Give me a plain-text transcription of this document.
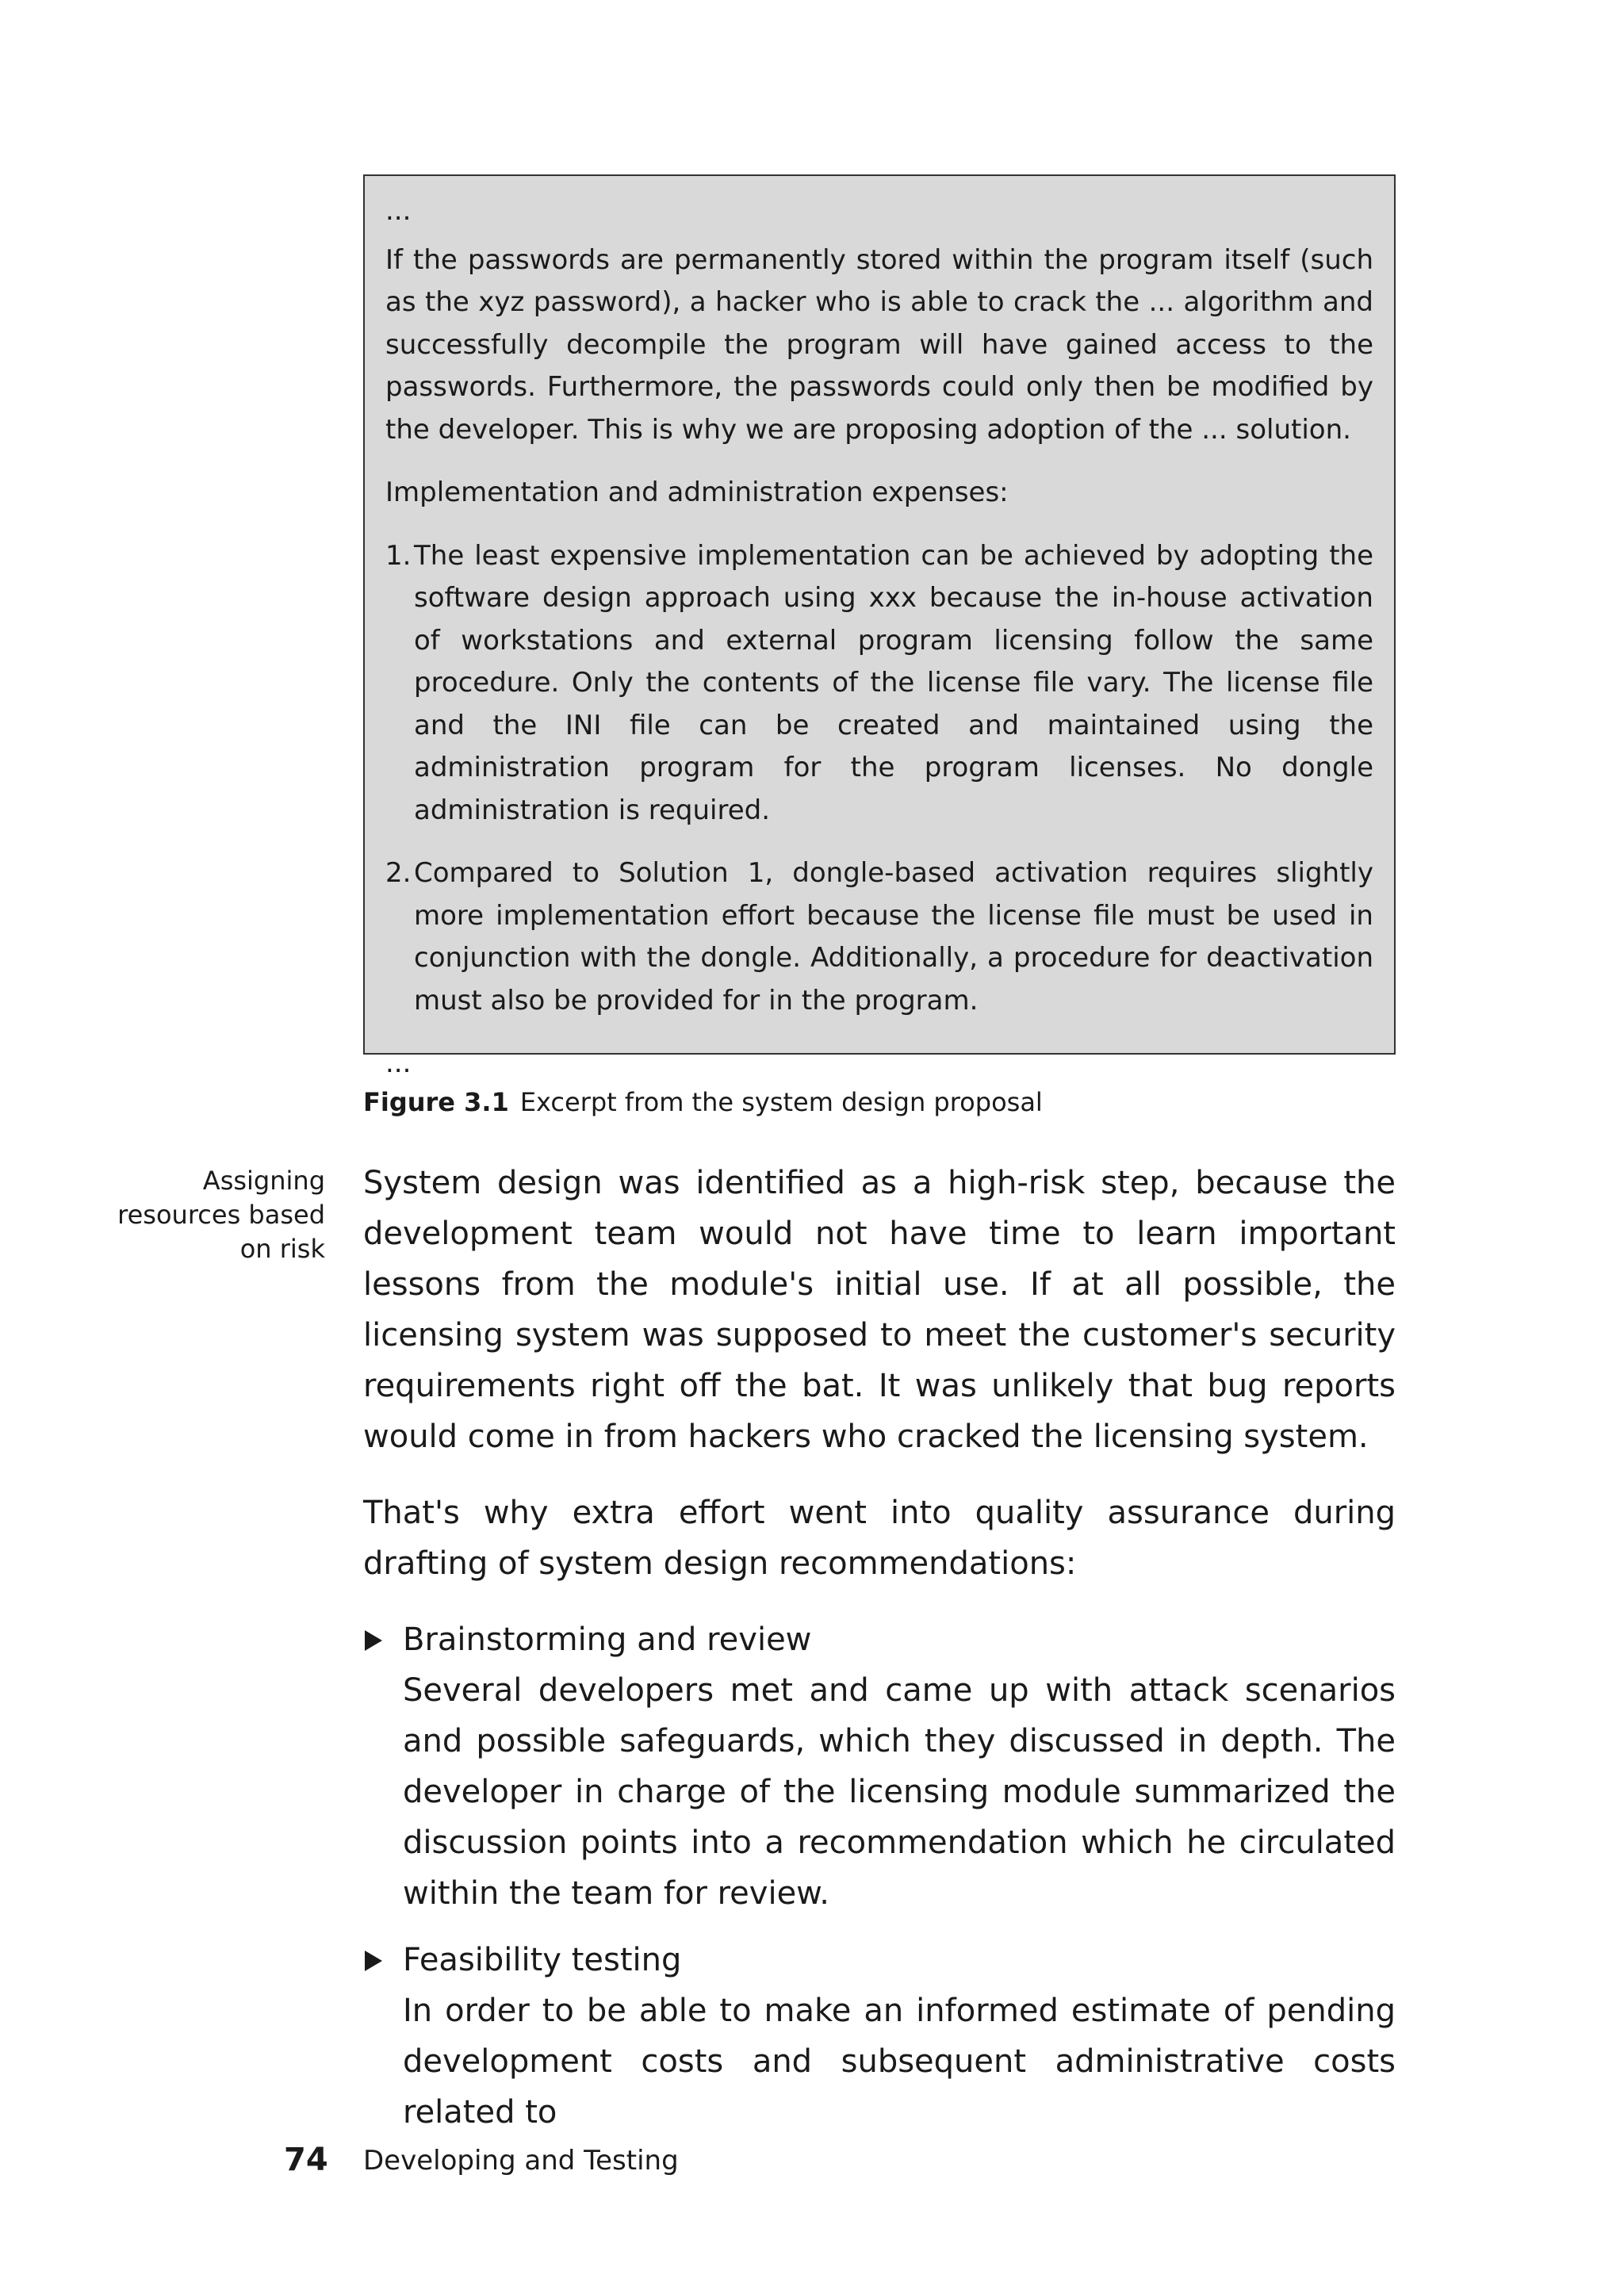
...

If the passwords are permanently stored within the program itself (such as the xyz password), a hacker who is able to crack the ... algorithm and successfully decompile the program will have gained access to the passwords. Furthermore, the passwords could only then be modified by the developer. This is why we are proposing adoption of the ... solution.

Implementation and administration expenses:

1. The least expensive implementation can be achieved by adopting the software design approach using xxx because the in-house activation of workstations and external program licensing follow the same procedure. Only the contents of the license file vary. The license file and the INI file can be created and maintained using the administration program for the program licenses. No dongle administration is required.
2. Compared to Solution 1, dongle-based activation requires slightly more implementation effort because the license file must be used in conjunction with the dongle. Additionally, a procedure for deactivation must also be provided for in the program.

...

Figure 3.1 Excerpt from the system design proposal
Assigning
resources based
on risk

System design was identified as a high-risk step, because the development team would not have time to learn important lessons from the module's initial use. If at all possible, the licensing system was supposed to meet the customer's security requirements right off the bat. It was unlikely that bug reports would come in from hackers who cracked the licensing system.

That's why extra effort went into quality assurance during drafting of system design recommendations:

Brainstorming and review
Several developers met and came up with attack scenarios and possible safeguards, which they discussed in depth. The developer in charge of the licensing module summarized the discussion points into a recommendation which he circulated within the team for review.
Feasibility testing
In order to be able to make an informed estimate of pending development costs and subsequent administrative costs related to
74 Developing and Testing
